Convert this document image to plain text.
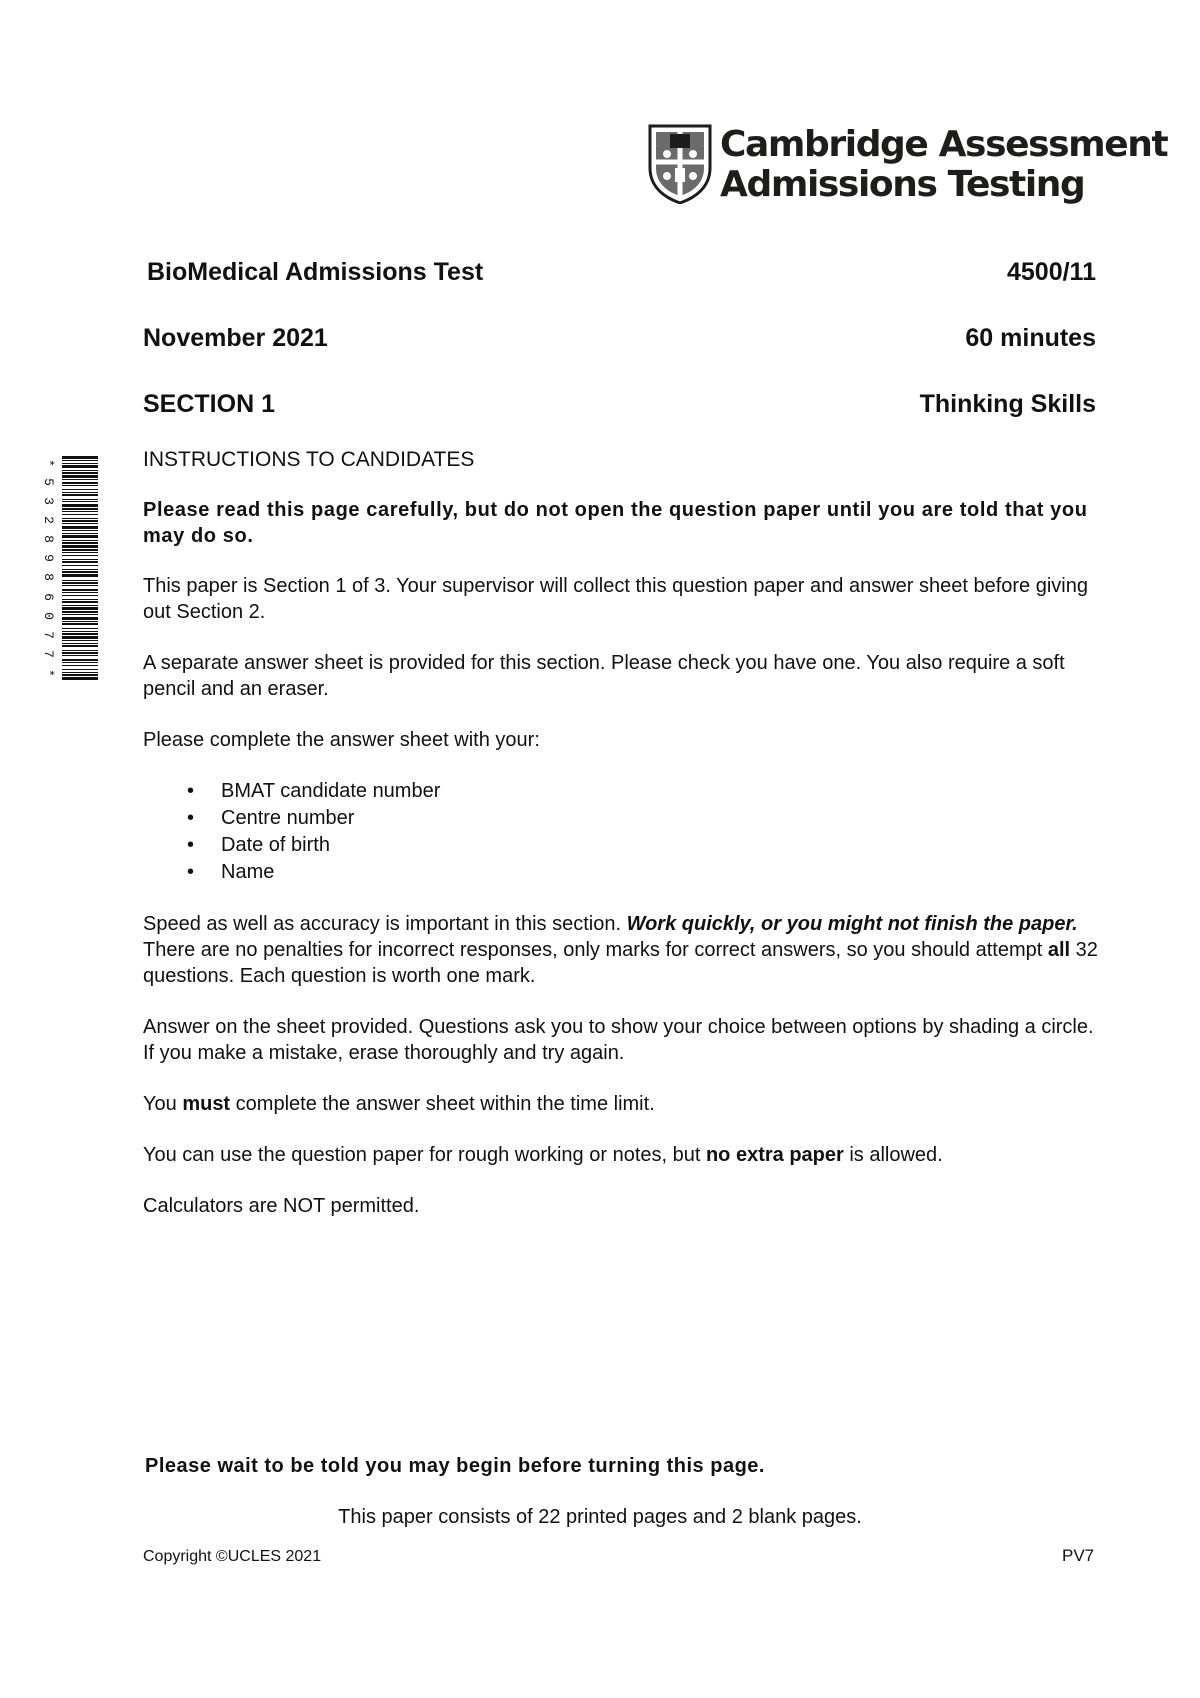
Cambridge Assessment
Admissions Testing
BioMedical Admissions Test	4500/11
November 2021	60 minutes
SECTION 1	Thinking Skills
*
5
3
2
8
9
8
6
0
7
7
*

INSTRUCTIONS TO CANDIDATES

Please read this page carefully, but do not open the question paper until you are told that you may do so.

This paper is Section 1 of 3. Your supervisor will collect this question paper and answer sheet before giving out Section 2.

A separate answer sheet is provided for this section. Please check you have one. You also require a soft pencil and an eraser.

Please complete the answer sheet with your:

• BMAT candidate number
• Centre number
• Date of birth
• Name

Speed as well as accuracy is important in this section. Work quickly, or you might not finish the paper. There are no penalties for incorrect responses, only marks for correct answers, so you should attempt all 32 questions. Each question is worth one mark.

Answer on the sheet provided. Questions ask you to show your choice between options by shading a circle. If you make a mistake, erase thoroughly and try again.

You must complete the answer sheet within the time limit.

You can use the question paper for rough working or notes, but no extra paper is allowed.

Calculators are NOT permitted.

Please wait to be told you may begin before turning this page.
This paper consists of 22 printed pages and 2 blank pages.
Copyright ©UCLES 2021	PV7
